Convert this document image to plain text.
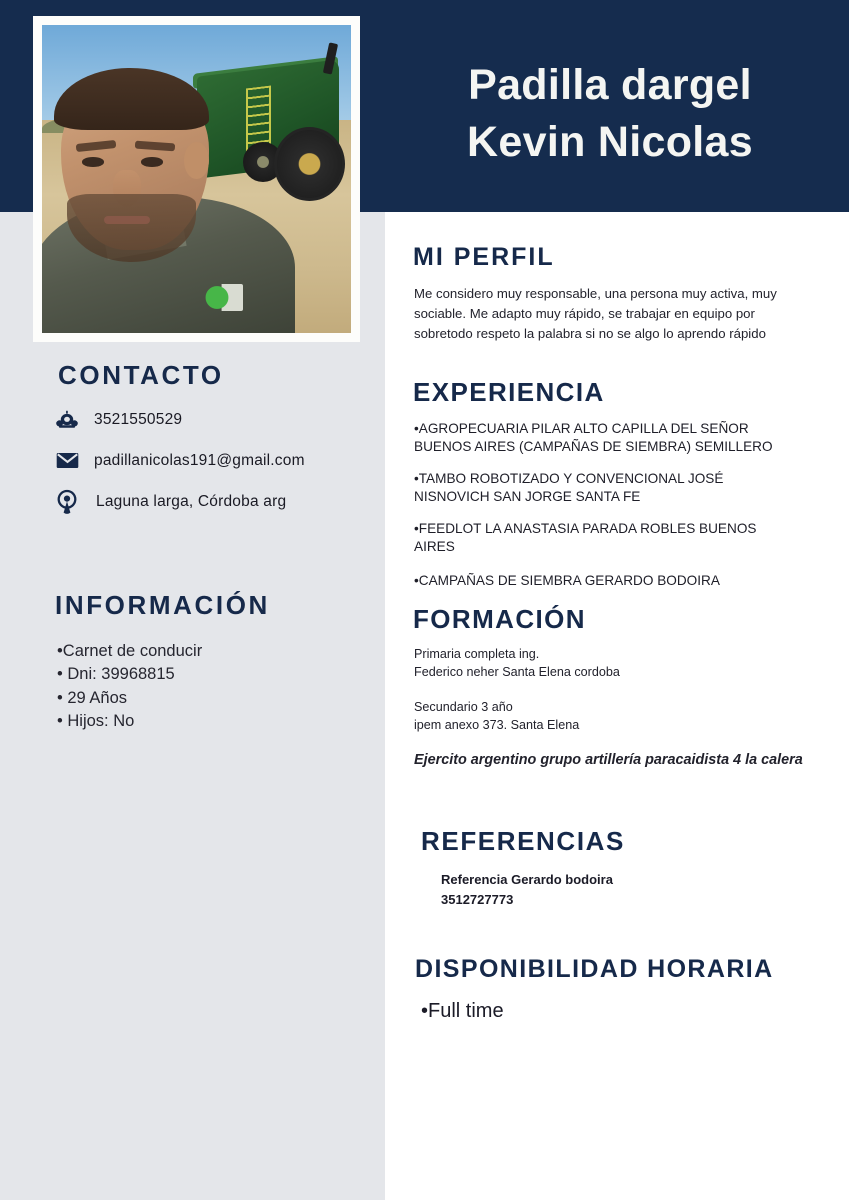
Padilla dargel
Kevin Nicolas
CONTACTO
3521550529
padillanicolas191@gmail.com
Laguna larga, Córdoba arg
INFORMACIÓN
•Carnet de conducir
• Dni: 39968815
• 29 Años
• Hijos: No
MI PERFIL
Me considero muy responsable, una persona muy activa, muy sociable. Me adapto muy rápido, se trabajar en equipo por sobretodo respeto la palabra si no se algo lo aprendo rápido
EXPERIENCIA
•AGROPECUARIA PILAR ALTO CAPILLA DEL SEÑOR BUENOS AIRES (CAMPAÑAS DE SIEMBRA) SEMILLERO
•TAMBO ROBOTIZADO Y CONVENCIONAL JOSÉ NISNOVICH SAN JORGE SANTA FE
•FEEDLOT LA ANASTASIA PARADA ROBLES BUENOS AIRES
•CAMPAÑAS DE SIEMBRA GERARDO BODOIRA
FORMACIÓN
Primaria completa ing.
Federico neher Santa Elena cordoba
Secundario 3 año
ipem anexo 373. Santa Elena
Ejercito argentino grupo artillería paracaidista 4 la calera
REFERENCIAS
Referencia Gerardo bodoira
3512727773
DISPONIBILIDAD HORARIA
•Full time
